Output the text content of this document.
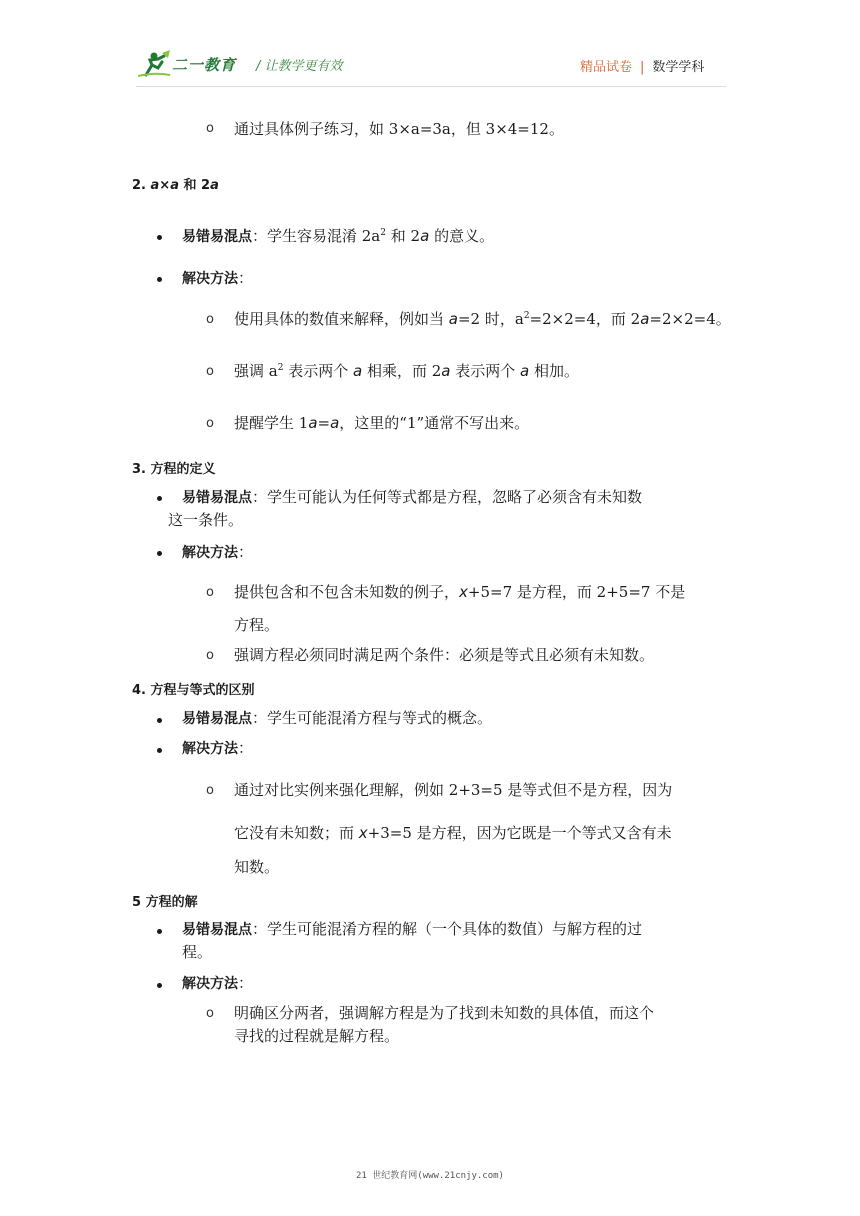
二一教育 / 让教学更有效	精品试卷 | 数学学科
o 通过具体例子练习，如 3×a=3a，但 3×4=12。
2. a×a 和 2a
易错易混点：学生容易混淆 $2a^2$ 和 2a 的意义。
解决方法：
o 使用具体的数值来解释，例如当 a=2 时，$a^2=2\times 2=4$，而 2a=2×2=4。
o 强调 $a^2$ 表示两个 a 相乘，而 2a 表示两个 a 相加。
o 提醒学生 1a=a，这里的“1”通常不写出来。
3. 方程的定义
易错易混点：学生可能认为任何等式都是方程，忽略了必须含有未知数
这一条件。
解决方法：
o 提供包含和不包含未知数的例子，x+5=7 是方程，而 2+5=7 不是
方程。
o 强调方程必须同时满足两个条件：必须是等式且必须有未知数。
4. 方程与等式的区别
易错易混点：学生可能混淆方程与等式的概念。
解决方法：
o 通过对比实例来强化理解，例如 2+3=5 是等式但不是方程，因为
它没有未知数；而 x+3=5 是方程，因为它既是一个等式又含有未
知数。
5 方程的解
易错易混点：学生可能混淆方程的解（一个具体的数值）与解方程的过
程。
解决方法：
o 明确区分两者，强调解方程是为了找到未知数的具体值，而这个
寻找的过程就是解方程。
21 世纪教育网(www.21cnjy.com)
